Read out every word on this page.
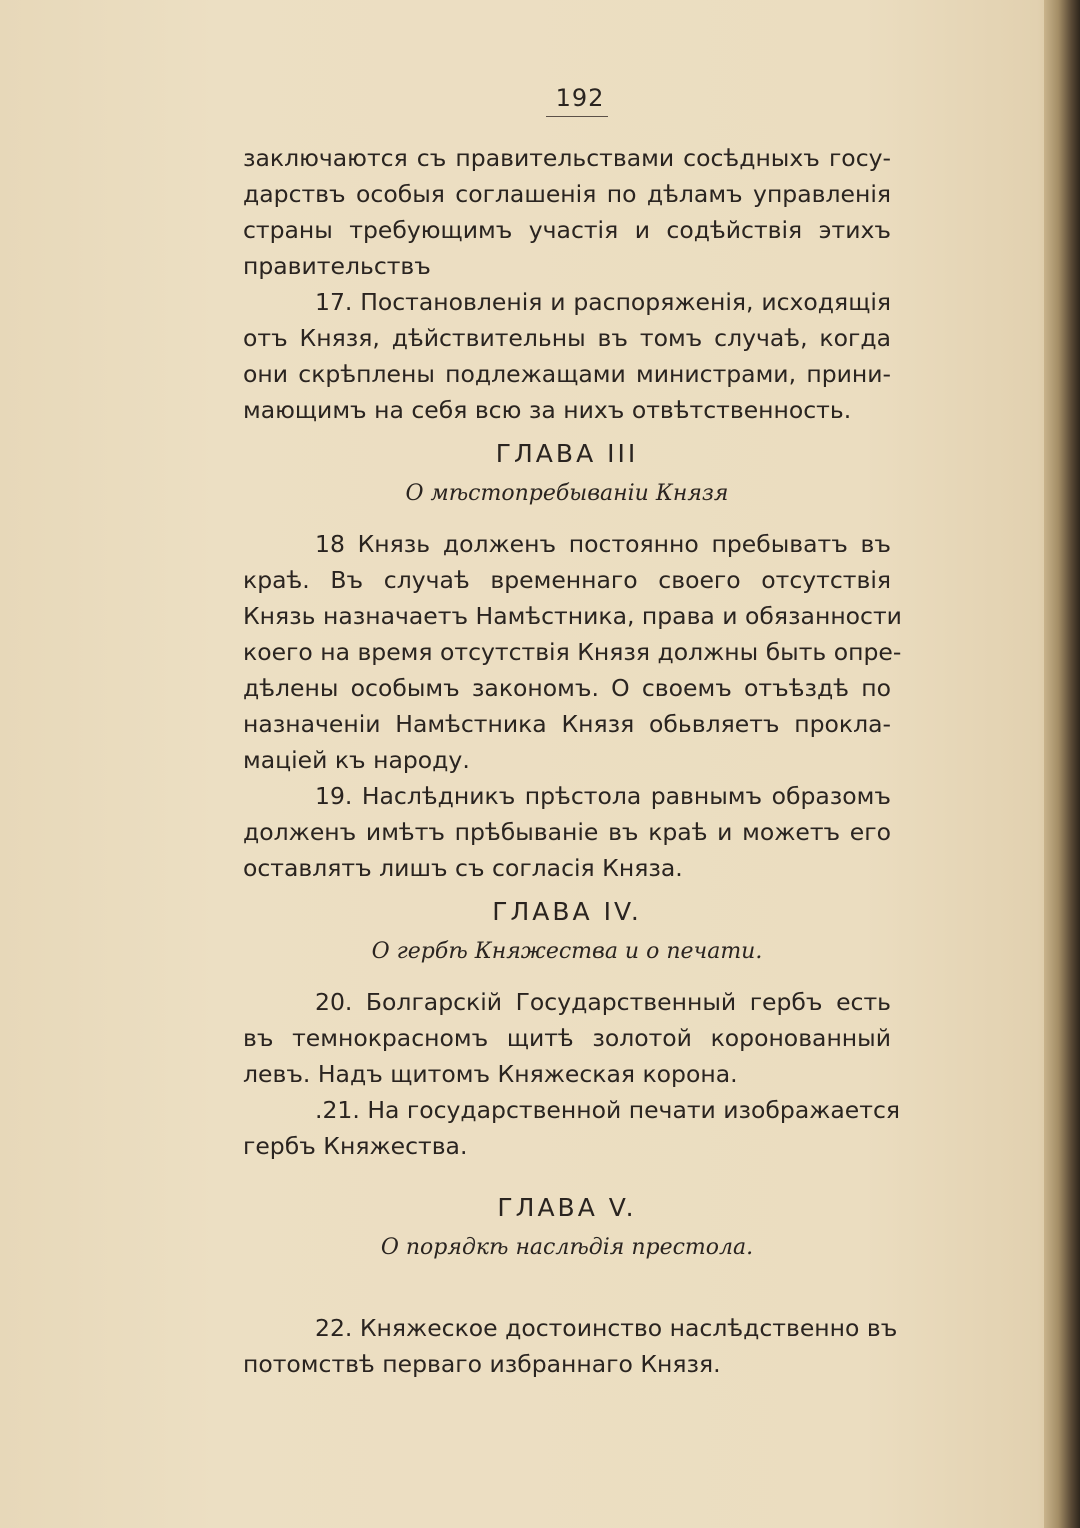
192
заключаются съ правительствами сосѣдныхъ госу-
дарствъ особыя соглашенія по дѣламъ управленія
страны требующимъ участія и содѣйствія этихъ
правительствъ
17. Постановленія и распоряженія, исходящія
отъ Князя, дѣйствительны въ томъ случаѣ, когда
они скрѣплены подлежащами министрами, прини-
мающимъ на себя всю за нихъ отвѣтственность.
ГЛАВА III
О мѣстопребываніи Князя
18 Князь долженъ постоянно пребыватъ въ
краѣ. Въ случаѣ временнаго своего отсутствія
Князь назначаетъ Намѣстника, права и обязанности
коего на время отсутствія Князя должны быть опре-
дѣлены особымъ закономъ. О своемъ отъѣздѣ по
назначеніи Намѣстника Князя обьвляетъ прокла-
маціей къ народу.
19. Наслѣдникъ прѣстола равнымъ образомъ
долженъ имѣтъ прѣбываніе въ краѣ и можетъ его
оставлятъ лишъ съ согласія Княза.
ГЛАВА IV.
О гербѣ Княжества и о печати.
20. Болгарскій Государственный гербъ есть
въ темнокрасномъ щитѣ золотой коронованный
левъ. Надъ щитомъ Княжеская корона.
.21. На государственной печати изображается
гербъ Княжества.
ГЛАВА V.
О порядкѣ наслѣдія престола.
22. Княжеское достоинство наслѣдственно въ
потомствѣ перваго избраннаго Князя.
